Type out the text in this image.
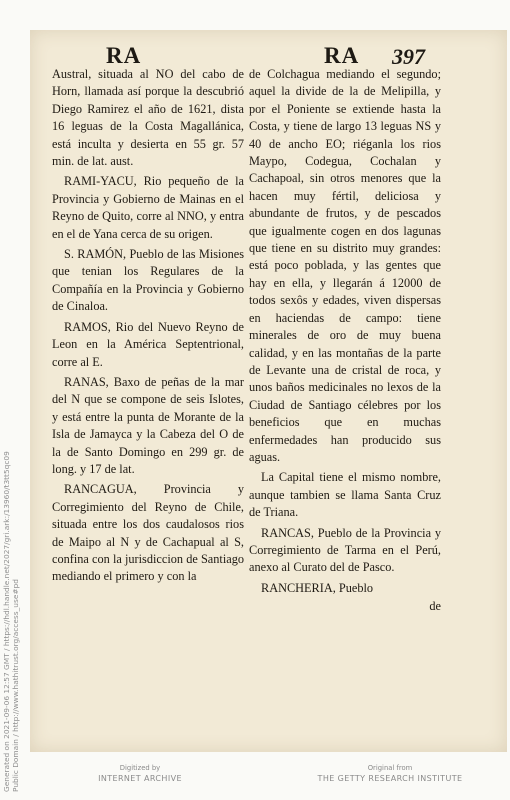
RA	RA 397

Austral, situada al NO del cabo de Horn, llamada así porque la descubrió Diego Ramirez el año de 1621, dista 16 leguas de la Costa Magallánica, está inculta y desierta en 55 gr. 57 min. de lat. aust.

RAMI-YACU, Rio pequeño de la Provincia y Gobierno de Mainas en el Reyno de Quito, corre al NNO, y entra en el de Yana cerca de su origen.

S. RAMÓN, Pueblo de las Misiones que tenian los Regulares de la Compañía en la Provincia y Gobierno de Cinaloa.

RAMOS, Rio del Nuevo Reyno de Leon en la América Septentrional, corre al E.

RANAS, Baxo de peñas de la mar del N que se compone de seis Islotes, y está entre la punta de Morante de la Isla de Jamayca y la Cabeza del O de la de Santo Domingo en 299 gr. de long. y 17 de lat.

RANCAGUA, Provincia y Corregimiento del Reyno de Chile, situada entre los dos caudalosos rios de Maipo al N y de Cachapual al S, confina con la jurisdiccion de Santiago mediando el primero y con la

de Colchagua mediando el segundo; aquel la divide de la de Melipilla, y por el Poniente se extiende hasta la Costa, y tiene de largo 13 leguas NS y 40 de ancho EO; riéganla los rios Maypo, Codegua, Cochalan y Cachapoal, sin otros menores que la hacen muy fértil, deliciosa y abundante de frutos, y de pescados que igualmente cogen en dos lagunas que tiene en su distrito muy grandes: está poco poblada, y las gentes que hay en ella, y llegarán á 12000 de todos sexôs y edades, viven dispersas en haciendas de campo: tiene minerales de oro de muy buena calidad, y en las montañas de la parte de Levante una de cristal de roca, y unos baños medicinales no lexos de la Ciudad de Santiago célebres por los beneficios que en muchas enfermedades han producido sus aguas.

La Capital tiene el mismo nombre, aunque tambien se llama Santa Cruz de Triana.

RANCAS, Pueblo de la Provincia y Corregimiento de Tarma en el Perú, anexo al Curato del de Pasco.

RANCHERIA, Pueblo

de

Generated on 2021-09-06 12:57 GMT / https://hdl.handle.net/2027/gri.ark:/13960/t3tt5qc09 Public Domain / http://www.hathitrust.org/access_use#pd	Digitized by
INTERNET ARCHIVE
Original from
THE GETTY RESEARCH INSTITUTE
